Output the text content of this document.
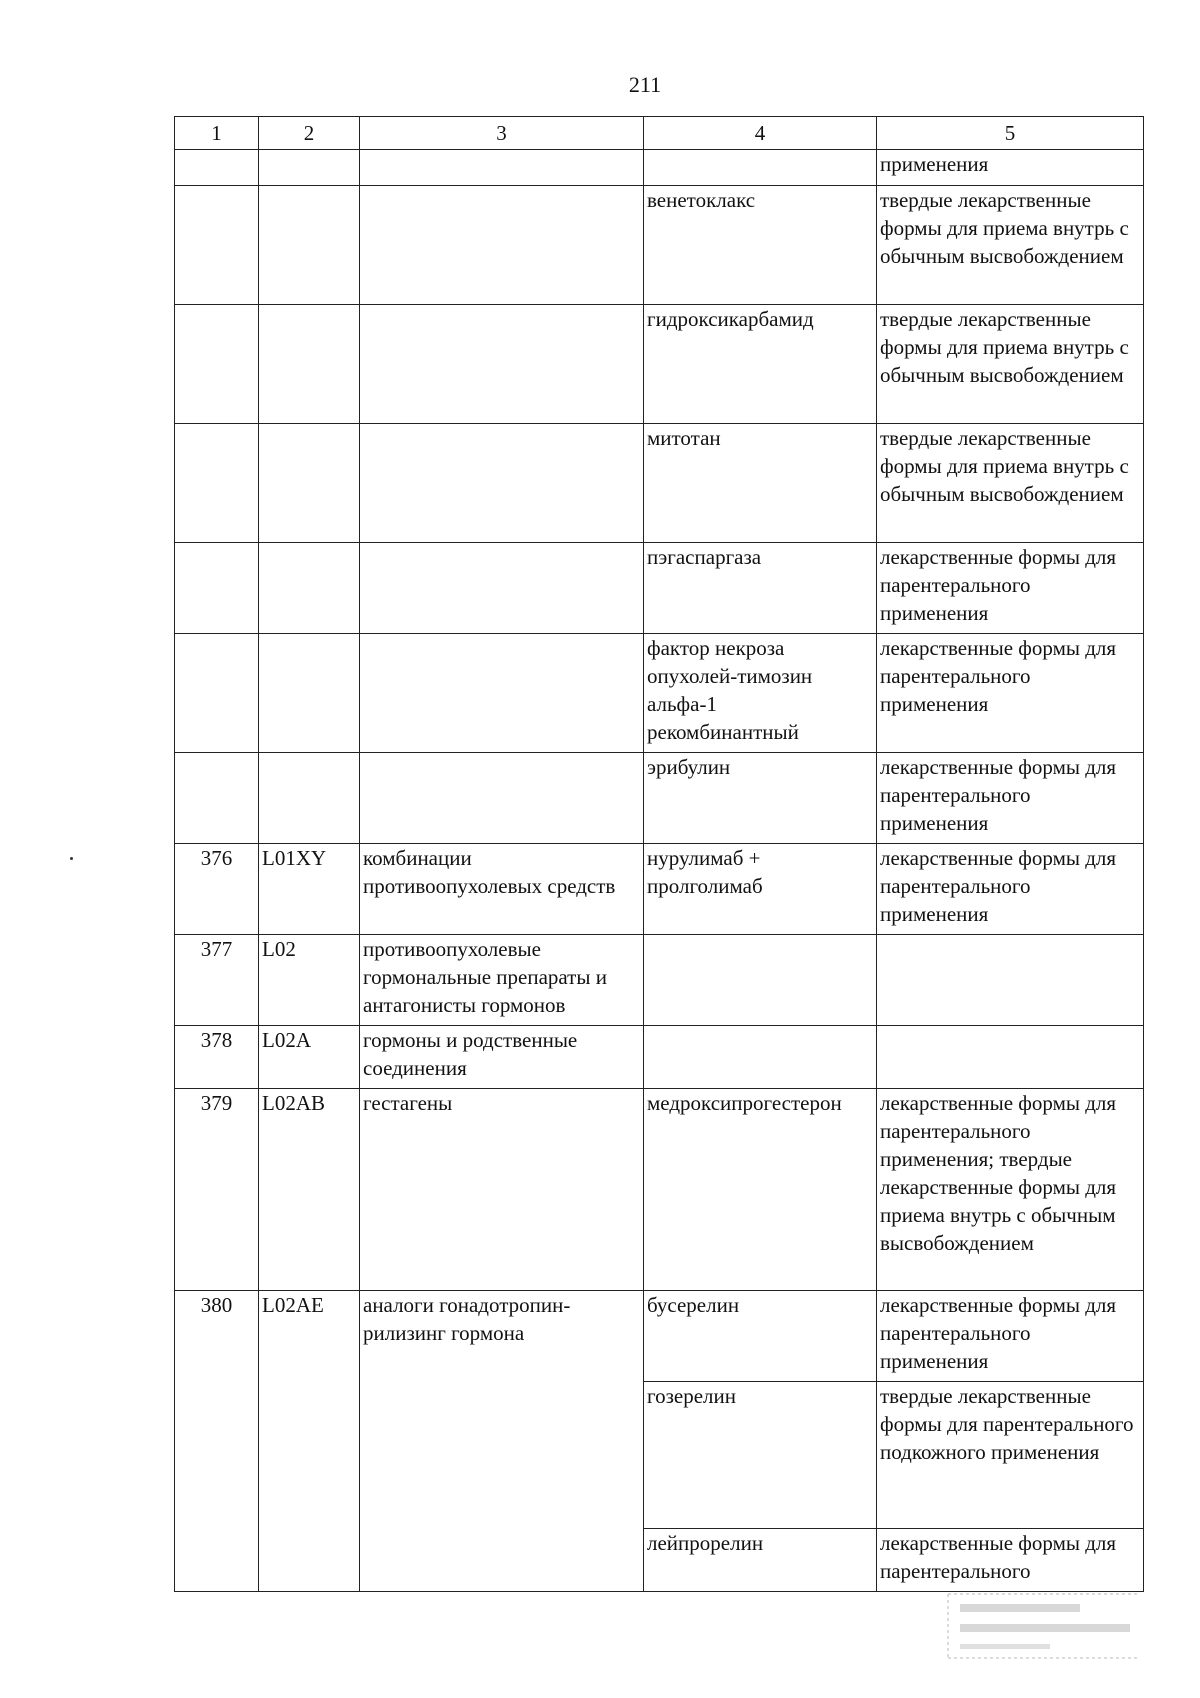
211
1	2	3	4	5
				применения
			венетоклакс	твердые лекарственные формы для приема внутрь с обычным высвобождением
			гидроксикарбамид	твердые лекарственные формы для приема внутрь с обычным высвобождением
			митотан	твердые лекарственные формы для приема внутрь с обычным высвобождением
			пэгаспаргаза	лекарственные формы для парентерального применения
			фактор некроза опухолей-тимозин альфа-1 рекомбинантный	лекарственные формы для парентерального применения
			эрибулин	лекарственные формы для парентерального применения
376	L01XY	комбинации противоопухолевых средств	нурулимаб + пролголимаб	лекарственные формы для парентерального применения
377	L02	противоопухолевые гормональные препараты и антагонисты гормонов		
378	L02A	гормоны и родственные соединения		
379	L02AB	гестагены	медроксипрогестерон	лекарственные формы для парентерального применения; твердые лекарственные формы для приема внутрь с обычным высвобождением
380	L02AE	аналоги гонадотропин-рилизинг гормона	бусерелин	лекарственные формы для парентерального применения
			гозерелин	твердые лекарственные формы для парентерального подкожного применения
			лейпрорелин	лекарственные формы для парентерального
